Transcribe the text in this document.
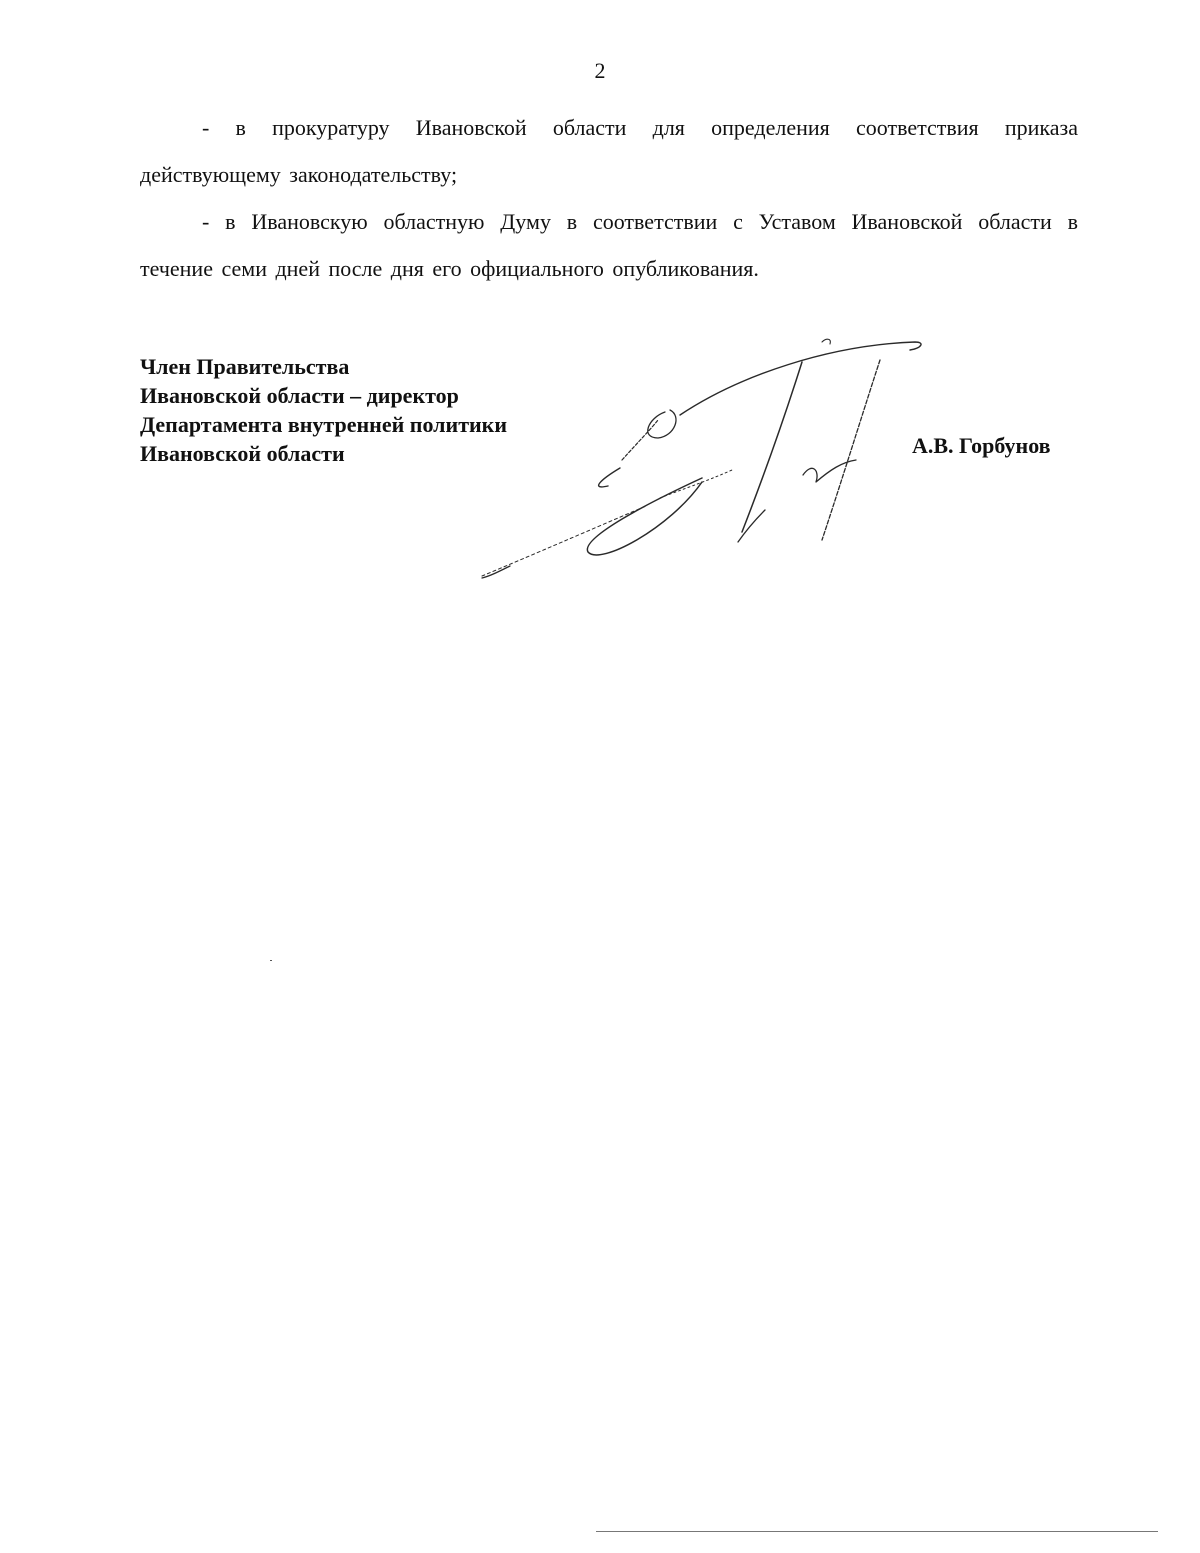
2

- в прокуратуру Ивановской области для определения соответствия приказа действующему законодательству;

- в Ивановскую областную Думу в соответствии с Уставом Ивановской области в течение семи дней после дня его официального опубликования.

Член Правительства
Ивановской области – директор
Департамента внутренней политики
Ивановской области	А.В. Горбунов
